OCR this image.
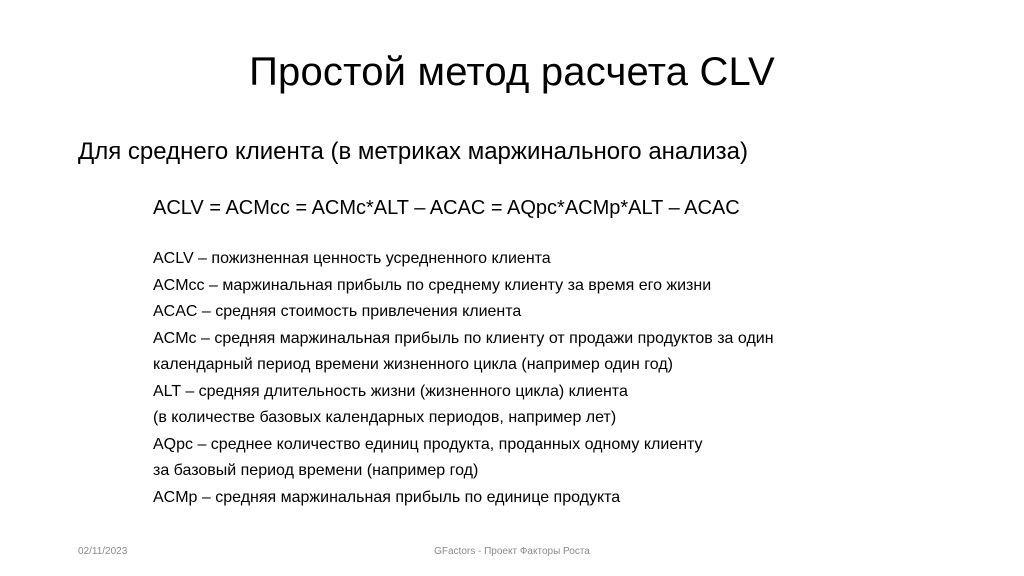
Простой метод расчета CLV
Для среднего клиента (в метриках маржинального анализа)
ACLV = ACMcc = ACMc*ALT – ACAC = AQpc*ACMp*ALT – ACAC
ACLV – пожизненная ценность усредненного клиента
ACMcc – маржинальная прибыль по среднему клиенту за время его жизни
ACAC – средняя стоимость привлечения клиента
ACMc – средняя маржинальная прибыль по клиенту от продажи продуктов за один
календарный период времени жизненного цикла (например один год)
ALT – средняя длительность жизни (жизненного цикла) клиента
(в количестве базовых календарных периодов, например лет)
AQpc – среднее количество единиц продукта, проданных одному клиенту
за базовый период времени (например год)
ACMp – средняя маржинальная прибыль по единице продукта
02/11/2023	GFactors - Проект Факторы Роста
